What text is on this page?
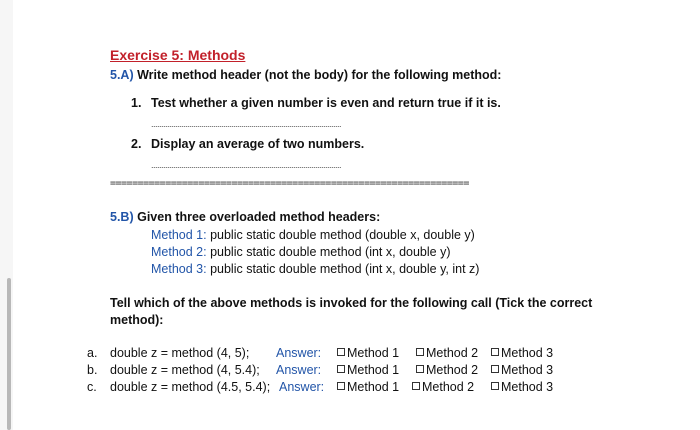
Exercise 5: Methods
5.A) Write method header (not the body) for the following method:
1. Test whether a given number is even and return true if it is.
...............................................................................................
2. Display an average of two numbers.
...............................................................................................
=================================================================
5.B) Given three overloaded method headers:
Method 1: public static double method (double x, double y)
Method 2: public static double method (int x, double y)
Method 3: public static double method (int x, double y, int z)
Tell which of the above methods is invoked for the following call (Tick the correct
method):
a. double z = method (4, 5); Answer:	Method 1	Method 2	Method 3
b. double z = method (4, 5.4); Answer:	Method 1	Method 2	Method 3
c. double z = method (4.5, 5.4); Answer:	Method 1	Method 2	Method 3
